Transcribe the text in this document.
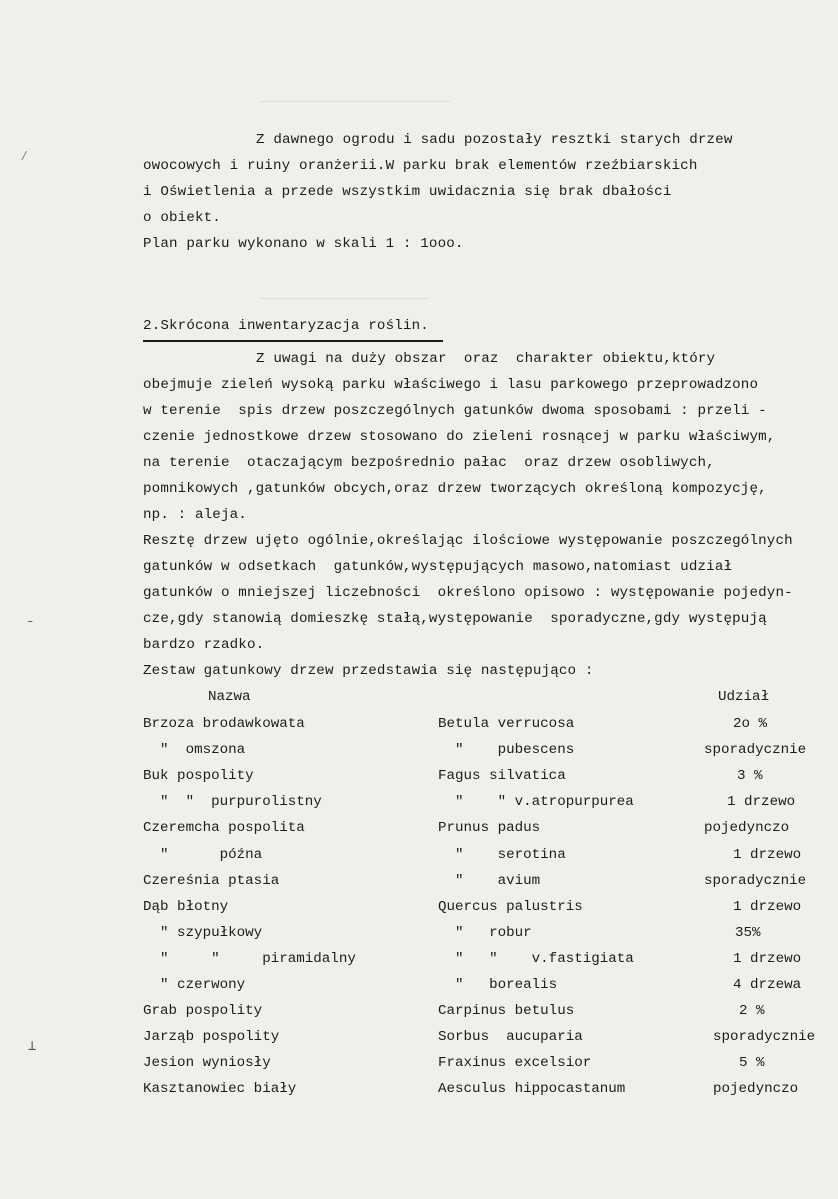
⁄
˗
⊥
Z dawnego ogrodu i sadu pozostały resztki starych drzew
owocowych i ruiny oranżerii.W parku brak elementów rzeźbiarskich
i Oświetlenia a przede wszystkim uwidacznia się brak dbałości
o obiekt.
Plan parku wykonano w skali 1 : 1ooo.
2.Skrócona inwentaryzacja roślin.
Z uwagi na duży obszar  oraz  charakter obiektu,który
obejmuje zieleń wysoką parku właściwego i lasu parkowego przeprowadzono
w terenie  spis drzew poszczególnych gatunków dwoma sposobami : przeli -
czenie jednostkowe drzew stosowano do zieleni rosnącej w parku właściwym,
na terenie  otaczającym bezpośrednio pałac  oraz drzew osobliwych,
pomnikowych ,gatunków obcych,oraz drzew tworzących określoną kompozycję,
np. : aleja.
Resztę drzew ujęto ogólnie,określając ilościowe występowanie poszczególnych
gatunków w odsetkach  gatunków,występujących masowo,natomiast udział
gatunków o mniejszej liczebności  określono opisowo : występowanie pojedyn-
cze,gdy stanowią domieszkę stałą,występowanie  sporadyczne,gdy występują
bardzo rzadko.
Zestaw gatunkowy drzew przedstawia się następująco :
Nazwa	Udział
Brzoza brodawkowata	Betula verrucosa	2o %
"  omszona	"    pubescens	sporadycznie
Buk pospolity	Fagus silvatica	3 %
"  "  purpurolistny	"    " v.atropurpurea	1 drzewo
Czeremcha pospolita	Prunus padus	pojedynczo
"      późna	"    serotina	1 drzewo
Czereśnia ptasia	"    avium	sporadycznie
Dąb błotny	Quercus palustris	1 drzewo
" szypułkowy	"   robur	35%
"     "     piramidalny	"   "    v.fastigiata	1 drzewo
" czerwony	"   borealis	4 drzewa
Grab pospolity	Carpinus betulus	2 %
Jarząb pospolity	Sorbus  aucuparia	sporadycznie
Jesion wyniosły	Fraxinus excelsior	5 %
Kasztanowiec biały	Aesculus hippocastanum	pojedynczo
